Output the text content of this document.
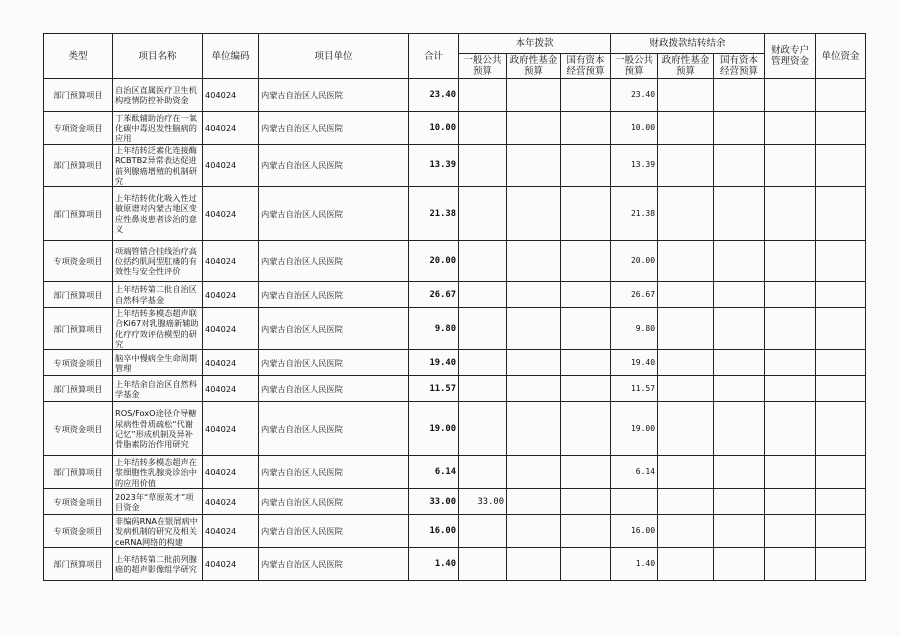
类型	项目名称	单位编码	项目单位	合计	本年拨款			财政拨款结转结余			财政专户管理资金	单位资金
					一般公共预算	政府性基金预算	国有资本经营预算	一般公共预算	政府性基金预算	国有资本经营预算		
部门预算项目	自治区直属医疗卫生机构疫情防控补助资金	404024	内蒙古自治区人民医院	23.40				23.40				
专项资金项目	丁苯酞辅助治疗在一氧化碳中毒迟发性脑病的应用	404024	内蒙古自治区人民医院	10.00				10.00				
部门预算项目	上年结转泛素化连接酶RCBTB2异常表达促进前列腺癌增殖的机制研究	404024	内蒙古自治区人民医院	13.39				13.39				
部门预算项目	上年结转优化吸入性过敏原谱对内蒙古地区变应性鼻炎患者诊治的意义	404024	内蒙古自治区人民医院	21.38				21.38				
专项资金项目	项端管错合挂线治疗高位括约肌间型肛瘘的有效性与安全性评价	404024	内蒙古自治区人民医院	20.00				20.00				
部门预算项目	上年结转第二批自治区自然科学基金	404024	内蒙古自治区人民医院	26.67				26.67				
部门预算项目	上年结转多模态超声联合Ki67对乳腺癌新辅助化疗疗效评估模型的研究	404024	内蒙古自治区人民医院	9.80				9.80				
专项资金项目	脑卒中慢病全生命周期管理	404024	内蒙古自治区人民医院	19.40				19.40				
部门预算项目	上年结余自治区自然科学基金	404024	内蒙古自治区人民医院	11.57				11.57				
专项资金项目	ROS/FoxO途径介导糖尿病性骨质疏松“代谢记忆”形成机制及异补骨脂素防治作用研究	404024	内蒙古自治区人民医院	19.00				19.00				
部门预算项目	上年结转多模态超声在浆细胞性乳腺炎诊治中的应用价值	404024	内蒙古自治区人民医院	6.14				6.14				
专项资金项目	2023年“草原英才”项目资金	404024	内蒙古自治区人民医院	33.00	33.00							
专项资金项目	非编码RNA在银屑病中发病机制的研究及相关ceRNA网络的构建	404024	内蒙古自治区人民医院	16.00				16.00				
部门预算项目	上年结转第二批前列腺癌的超声影像组学研究	404024	内蒙古自治区人民医院	1.40				1.40				
